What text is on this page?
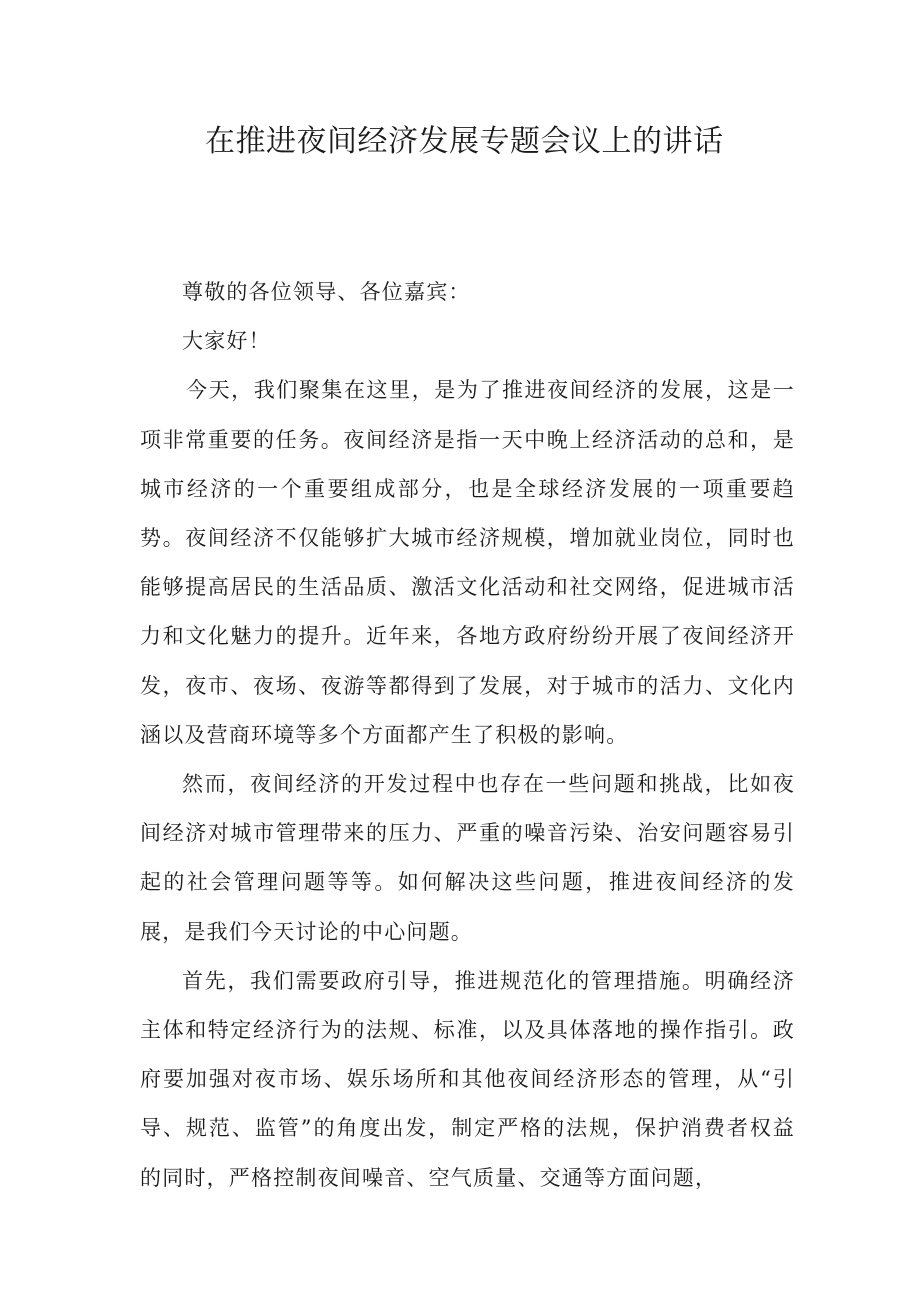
在推进夜间经济发展专题会议上的讲话

尊敬的各位领导、各位嘉宾：

大家好！

今天，我们聚集在这里，是为了推进夜间经济的发展，这是一项非常重要的任务。夜间经济是指一天中晚上经济活动的总和，是城市经济的一个重要组成部分，也是全球经济发展的一项重要趋势。夜间经济不仅能够扩大城市经济规模，增加就业岗位，同时也能够提高居民的生活品质、激活文化活动和社交网络，促进城市活力和文化魅力的提升。近年来，各地方政府纷纷开展了夜间经济开发，夜市、夜场、夜游等都得到了发展，对于城市的活力、文化内涵以及营商环境等多个方面都产生了积极的影响。

然而，夜间经济的开发过程中也存在一些问题和挑战，比如夜间经济对城市管理带来的压力、严重的噪音污染、治安问题容易引起的社会管理问题等等。如何解决这些问题，推进夜间经济的发展，是我们今天讨论的中心问题。

首先，我们需要政府引导，推进规范化的管理措施。明确经济主体和特定经济行为的法规、标准，以及具体落地的操作指引。政府要加强对夜市场、娱乐场所和其他夜间经济形态的管理，从“引导、规范、监管”的角度出发，制定严格的法规，保护消费者权益的同时，严格控制夜间噪音、空气质量、交通等方面问题，
